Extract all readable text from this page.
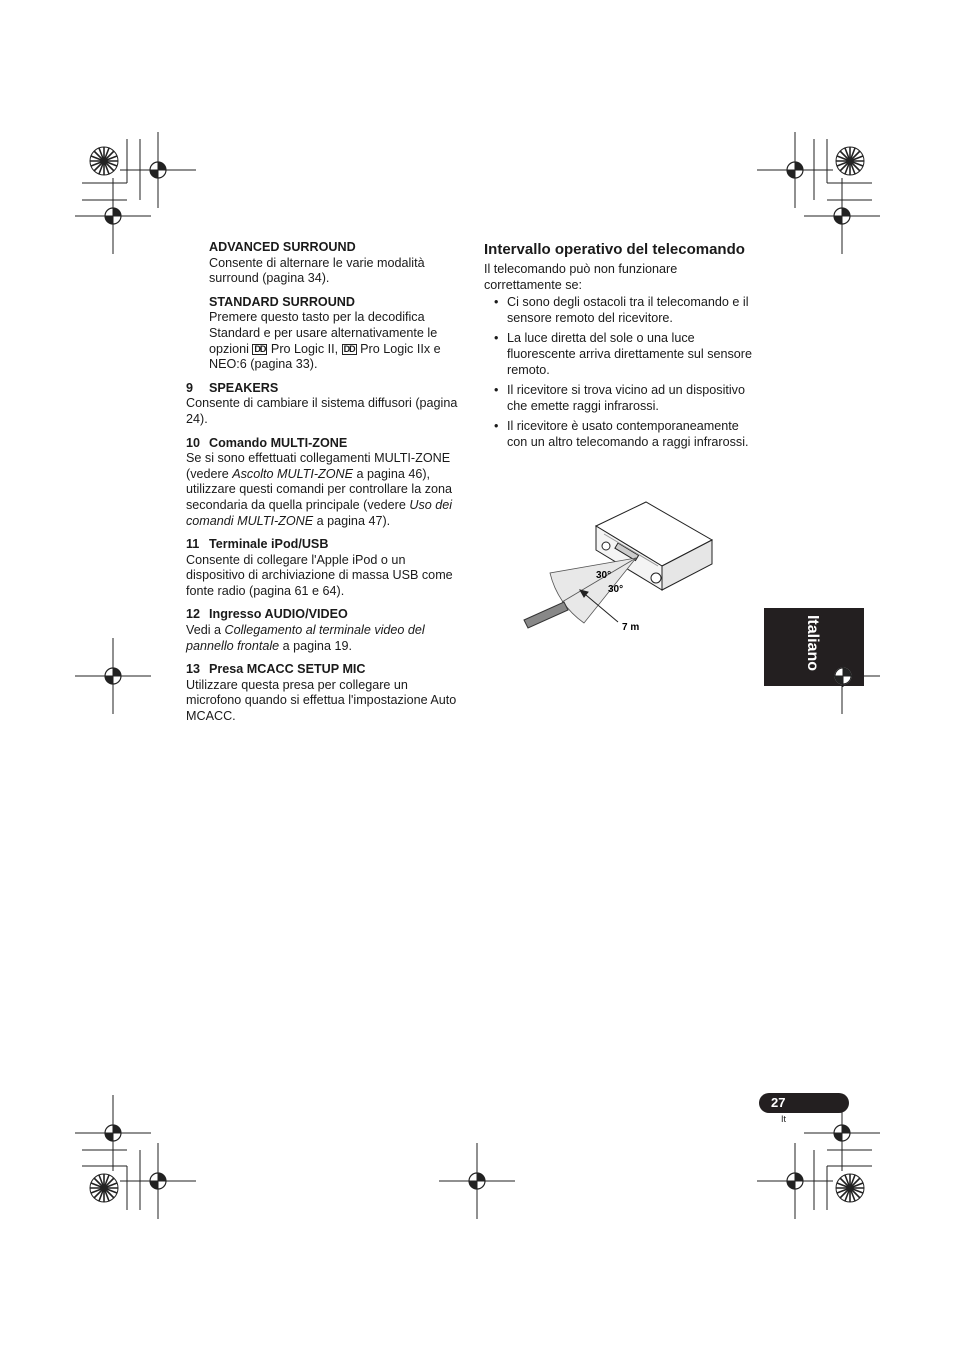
ADVANCED SURROUND

Consente di alternare le varie modalità surround (pagina 34).

STANDARD SURROUND

Premere questo tasto per la decodifica Standard e per usare alternativamente le opzioni DD Pro Logic II, DD Pro Logic IIx e NEO:6 (pagina 33).

9 SPEAKERS

Consente di cambiare il sistema diffusori (pagina 24).

10 Comando MULTI-ZONE

Se si sono effettuati collegamenti MULTI-ZONE (vedere Ascolto MULTI-ZONE a pagina 46), utilizzare questi comandi per controllare la zona secondaria da quella principale (vedere Uso dei comandi MULTI-ZONE a pagina 47).

11 Terminale iPod/USB

Consente di collegare l'Apple iPod o un dispositivo di archiviazione di massa USB come fonte radio (pagina 61 e 64).

12 Ingresso AUDIO/VIDEO

Vedi a Collegamento al terminale video del pannello frontale a pagina 19.

13 Presa MCACC SETUP MIC

Utilizzare questa presa per collegare un microfono quando si effettua l'impostazione Auto MCACC.

Intervallo operativo del telecomando

Il telecomando può non funzionare correttamente se:

• Ci sono degli ostacoli tra il telecomando e il sensore remoto del ricevitore.
• La luce diretta del sole o una luce fluorescente arriva direttamente sul sensore remoto.
• Il ricevitore si trova vicino ad un dispositivo che emette raggi infrarossi.
• Il ricevitore è usato contemporaneamente con un altro telecomando a raggi infrarossi.
30°
30°
7 m	Italiano
27
It
